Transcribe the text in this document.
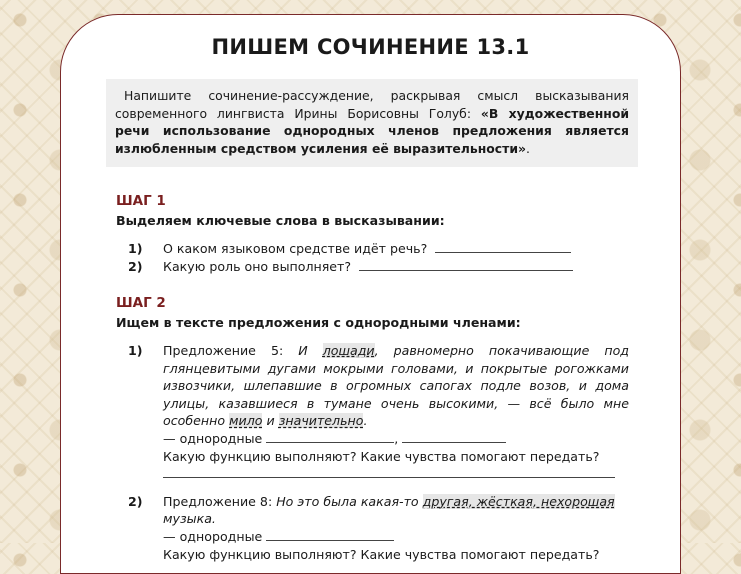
ПИШЕМ СОЧИНЕНИЕ 13.1

Напишите сочинение-рассуждение, раскрывая смысл высказывания современного лингвиста Ирины Борисовны Голуб: «В художественной речи использование однородных членов предложения является излюбленным средством усиления её выразительности».

ШАГ 1
Выделяем ключевые слова в высказывании:
1)	О каком языковом средстве идёт речь?
2)	Какую роль оно выполняет?
ШАГ 2
Ищем в тексте предложения с однородными членами:
1)	Предложение 5: И лошади, равномерно покачивающие под глянцевитыми дугами мокрыми головами, и покрытые рогожками извозчики, шлепавшие в огромных сапогах подле возов, и дома улицы, казавшиеся в тумане очень высокими, — всё было мне особенно мило и значительно.
— однородные	,
Какую функцию выполняют? Какие чувства помогают передать?
2)	Предложение 8: Но это была какая-то другая, жёсткая, нехорошая музыка.
— однородные
Какую функцию выполняют? Какие чувства помогают передать?
